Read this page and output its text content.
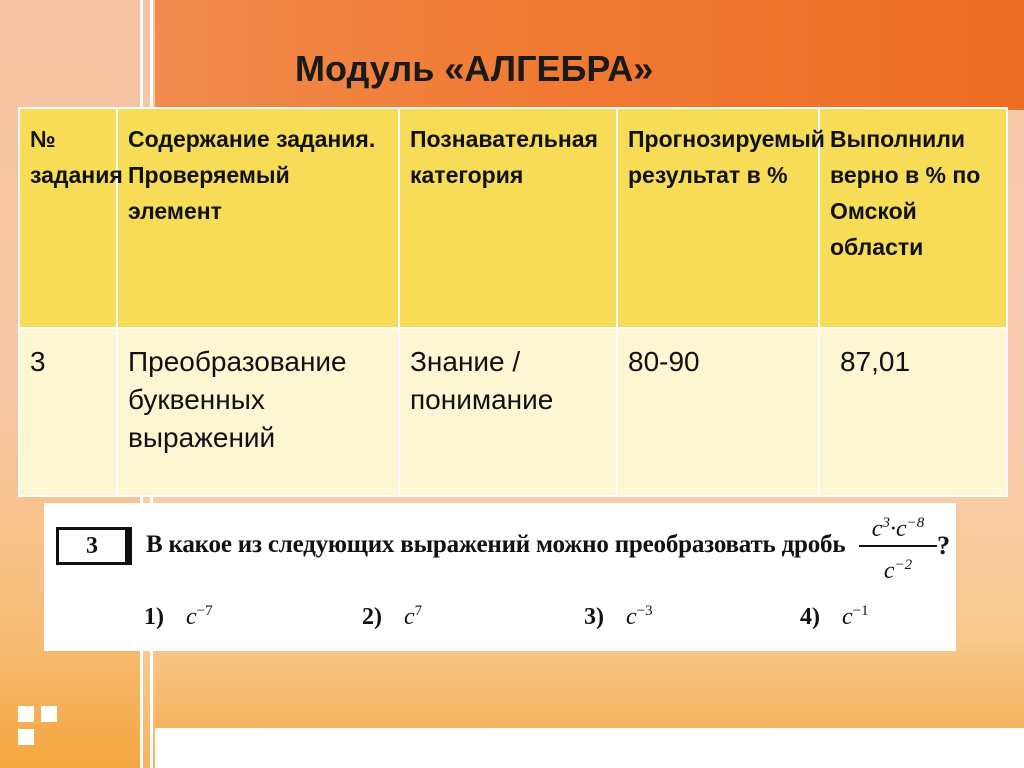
Модуль «АЛГЕБРА»
№ задания	Содержание задания. Проверяемый элемент	Познавательная категория	Прогнозируемый результат в %	Выполнили верно в % по Омской области
3	Преобразование буквенных выражений	Знание /понимание	80-90	87,01
3	В какое из следующих выражений можно преобразовать дробь
$c^3\cdot c^{-8}$
$c^{-2}$
?
1) $c^{-7}$	2) $c^7$	3) $c^{-3}$	4) $c^{-1}$
